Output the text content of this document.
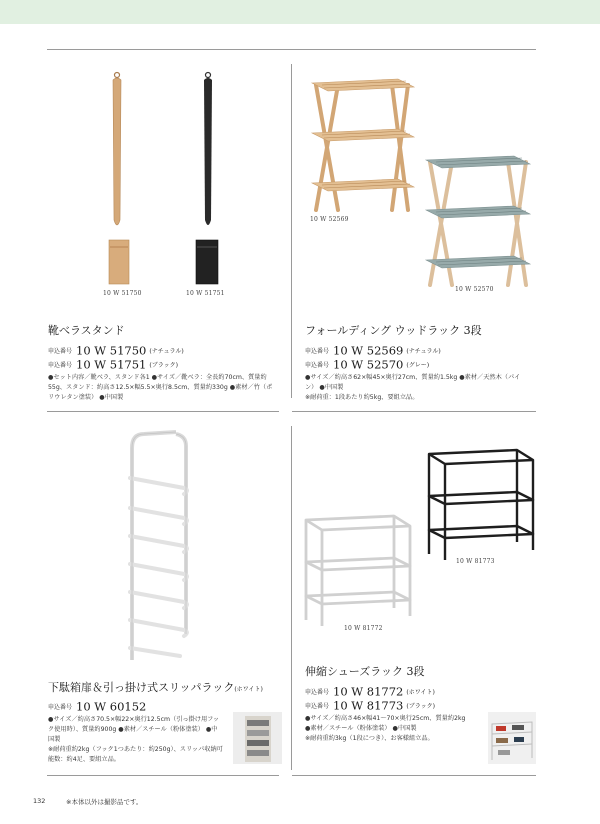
10 W 51750	10 W 51751
靴べラスタンド
申込番号 10 W 51750 (ナチュラル)
申込番号 10 W 51751 (ブラック)

●セット内容／靴べラ、スタンド各1 ●サイズ／靴べラ：全長約70cm、質量約

55g、スタンド：約高さ12.5×幅5.5×奥行8.5cm、質量約330g ●素材／竹（ポ

リウレタン塗装） ●中国製

10 W 52569
10 W 52570
フォールディング ウッドラック 3段
申込番号 10 W 52569 (ナチュラル)
申込番号 10 W 52570 (グレー)

●サイズ／約高さ62×幅45×奥行27cm、質量約1.5kg ●素材／天然木（パイ

ン） ●中国製

※耐荷重：1段あたり約5kg、要組立品。

下駄箱扉＆引っ掛け式スリッパラック(ホワイト)
申込番号 10 W 60152

●サイズ／約高さ70.5×幅22×奥行12.5cm（引っ掛け用フッ

ク使用時）、質量約900g ●素材／スチール（粉体塗装） ●中

国製

※耐荷重約2kg（フック1つあたり：約250g）、スリッパ収納可

能数：約4足、要組立品。

10 W 81773
10 W 81772
伸縮シューズラック 3段
申込番号 10 W 81772 (ホワイト)
申込番号 10 W 81773 (ブラック)

●サイズ／約高さ46×幅41～70×奥行25cm、質量約2kg

●素材／スチール（粉体塗装） ●中国製

※耐荷重約3kg（1段につき）、お客様組立品。

132	※本体以外は撮影品です。
